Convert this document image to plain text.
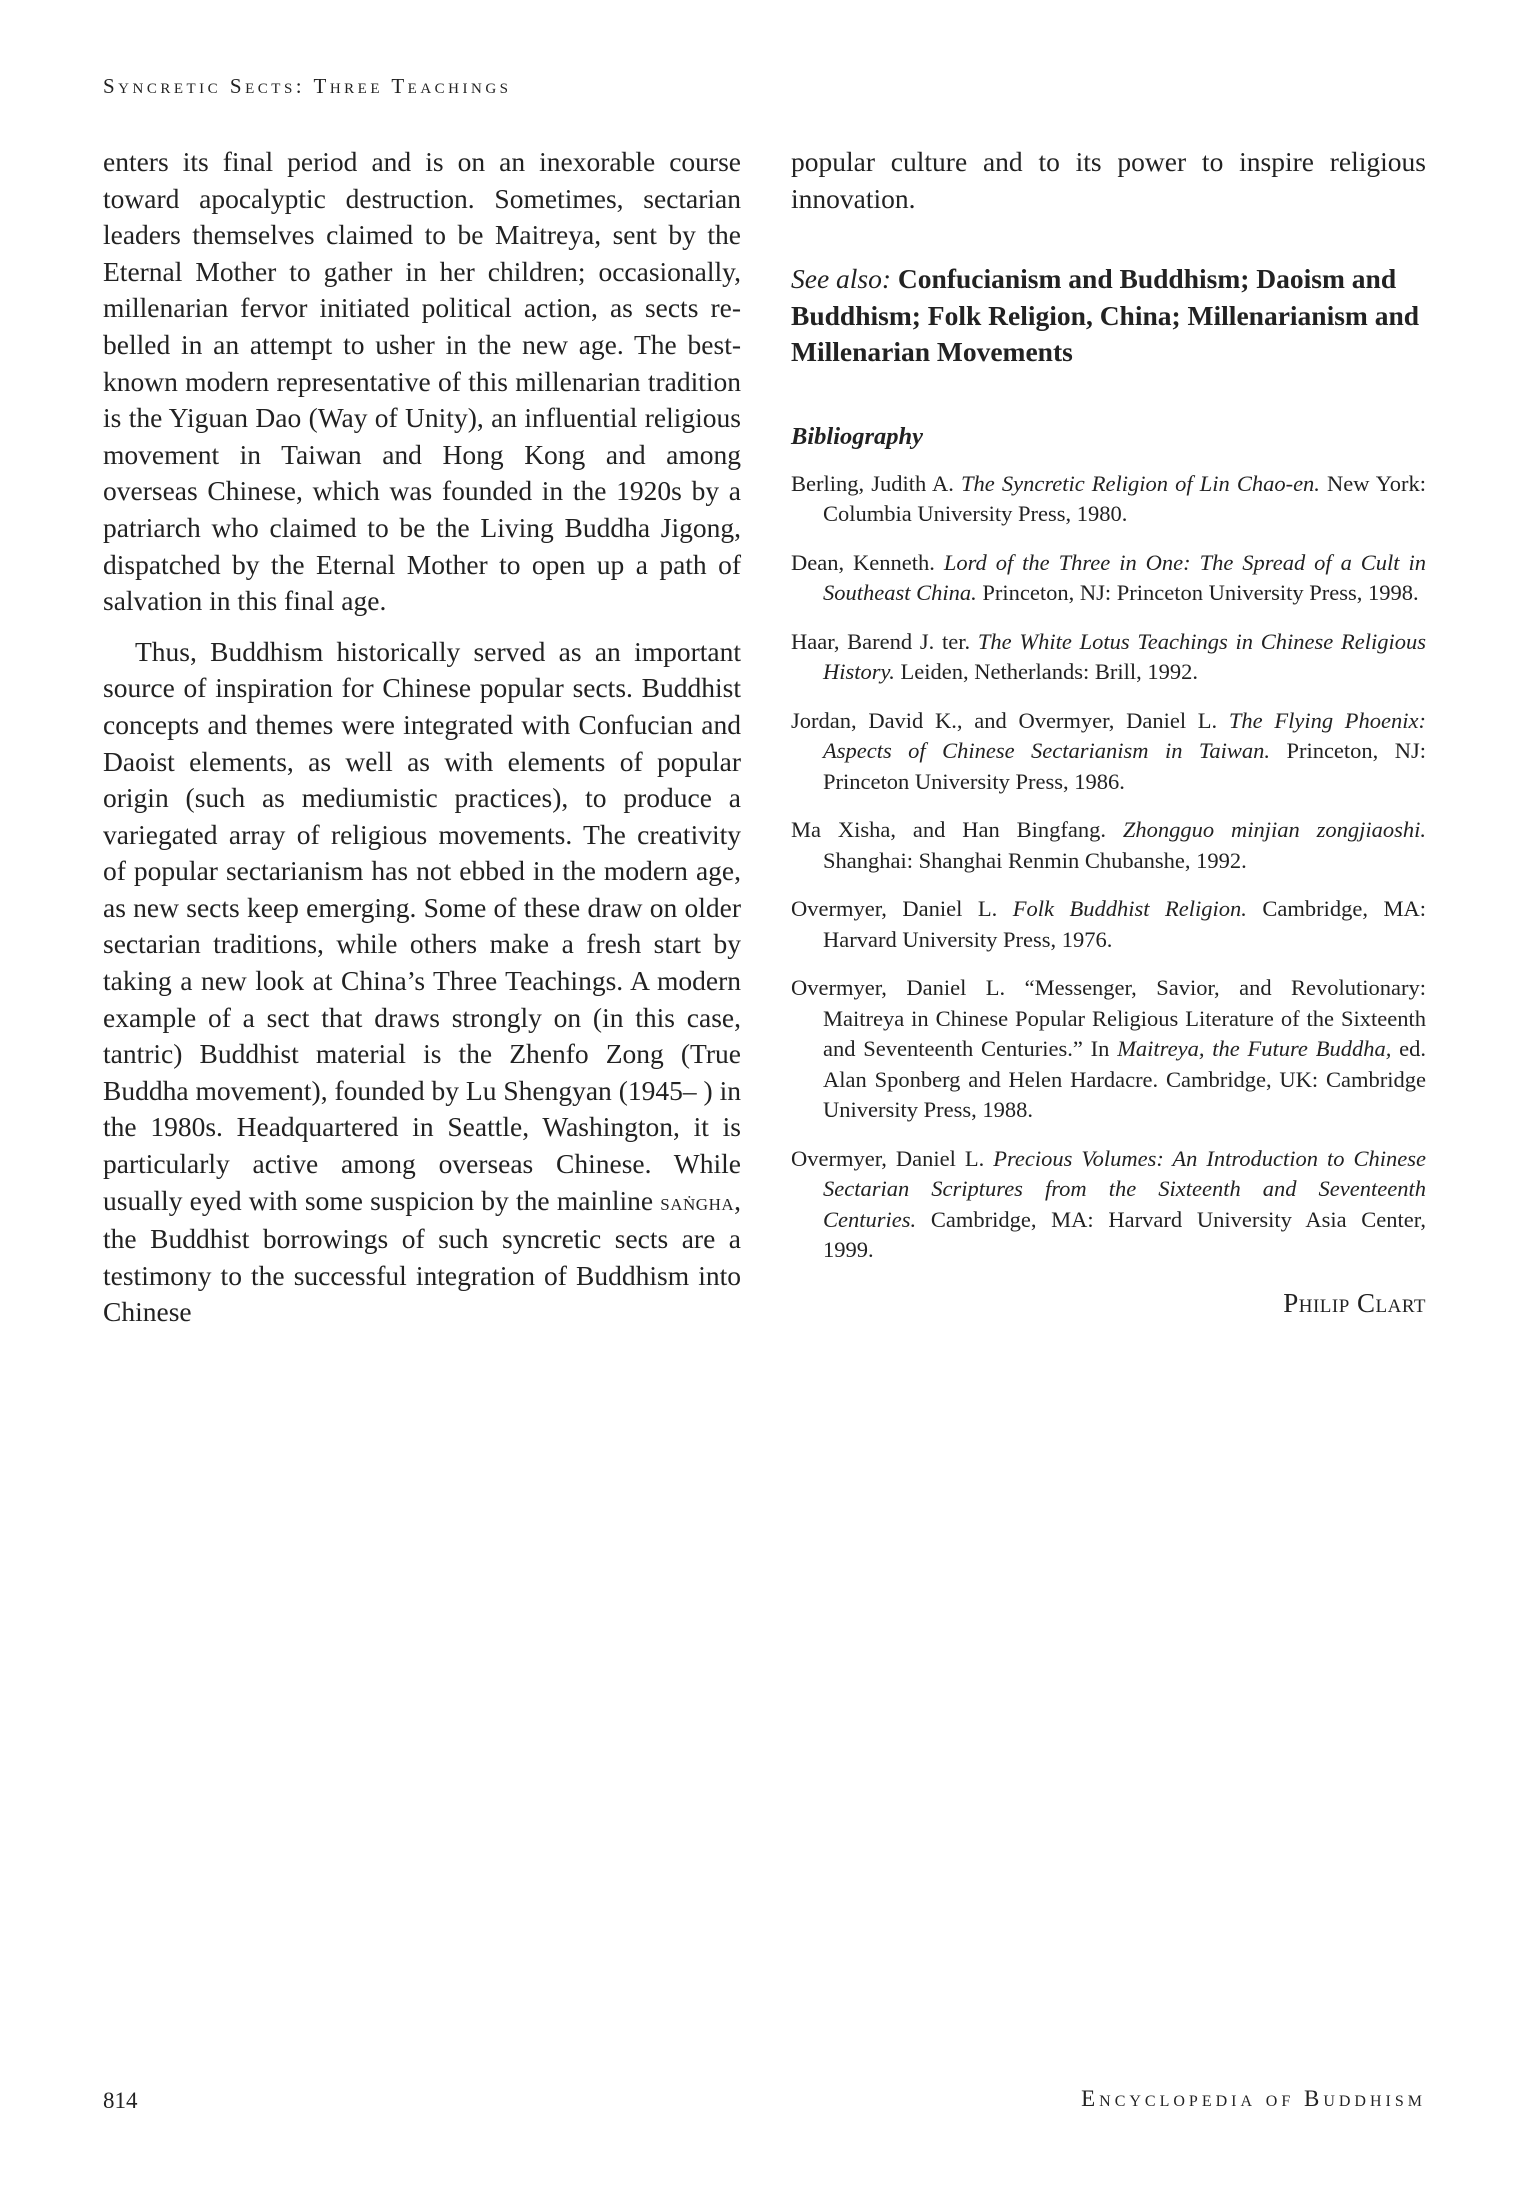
Syncretic Sects: Three Teachings

enters its final period and is on an inexorable course toward apocalyptic destruction. Sometimes, sectarian leaders themselves claimed to be Maitreya, sent by the Eternal Mother to gather in her children; occasionally, millenarian fervor initiated political action, as sects rebelled in an attempt to usher in the new age. The best-known modern representative of this millenarian tradition is the Yiguan Dao (Way of Unity), an influential religious movement in Taiwan and Hong Kong and among overseas Chinese, which was founded in the 1920s by a patriarch who claimed to be the Living Buddha Jigong, dispatched by the Eternal Mother to open up a path of salvation in this final age.

Thus, Buddhism historically served as an important source of inspiration for Chinese popular sects. Buddhist concepts and themes were integrated with Confucian and Daoist elements, as well as with elements of popular origin (such as mediumistic practices), to produce a variegated array of religious movements. The creativity of popular sectarianism has not ebbed in the modern age, as new sects keep emerging. Some of these draw on older sectarian traditions, while others make a fresh start by taking a new look at China’s Three Teachings. A modern example of a sect that draws strongly on (in this case, tantric) Buddhist material is the Zhenfo Zong (True Buddha movement), founded by Lu Shengyan (1945– ) in the 1980s. Headquartered in Seattle, Washington, it is particularly active among overseas Chinese. While usually eyed with some suspicion by the mainline saṅgha, the Buddhist borrowings of such syncretic sects are a testimony to the successful integration of Buddhism into Chinese

popular culture and to its power to inspire religious innovation.

See also: Confucianism and Buddhism; Daoism and Buddhism; Folk Religion, China; Millenarianism and Millenarian Movements

Bibliography

Berling, Judith A. The Syncretic Religion of Lin Chao-en. New York: Columbia University Press, 1980.

Dean, Kenneth. Lord of the Three in One: The Spread of a Cult in Southeast China. Princeton, NJ: Princeton University Press, 1998.

Haar, Barend J. ter. The White Lotus Teachings in Chinese Religious History. Leiden, Netherlands: Brill, 1992.

Jordan, David K., and Overmyer, Daniel L. The Flying Phoenix: Aspects of Chinese Sectarianism in Taiwan. Princeton, NJ: Princeton University Press, 1986.

Ma Xisha, and Han Bingfang. Zhongguo minjian zongjiaoshi. Shanghai: Shanghai Renmin Chubanshe, 1992.

Overmyer, Daniel L. Folk Buddhist Religion. Cambridge, MA: Harvard University Press, 1976.

Overmyer, Daniel L. “Messenger, Savior, and Revolutionary: Maitreya in Chinese Popular Religious Literature of the Sixteenth and Seventeenth Centuries.” In Maitreya, the Future Buddha, ed. Alan Sponberg and Helen Hardacre. Cambridge, UK: Cambridge University Press, 1988.

Overmyer, Daniel L. Precious Volumes: An Introduction to Chinese Sectarian Scriptures from the Sixteenth and Seventeenth Centuries. Cambridge, MA: Harvard University Asia Center, 1999.

Philip Clart
814	Encyclopedia of Buddhism
